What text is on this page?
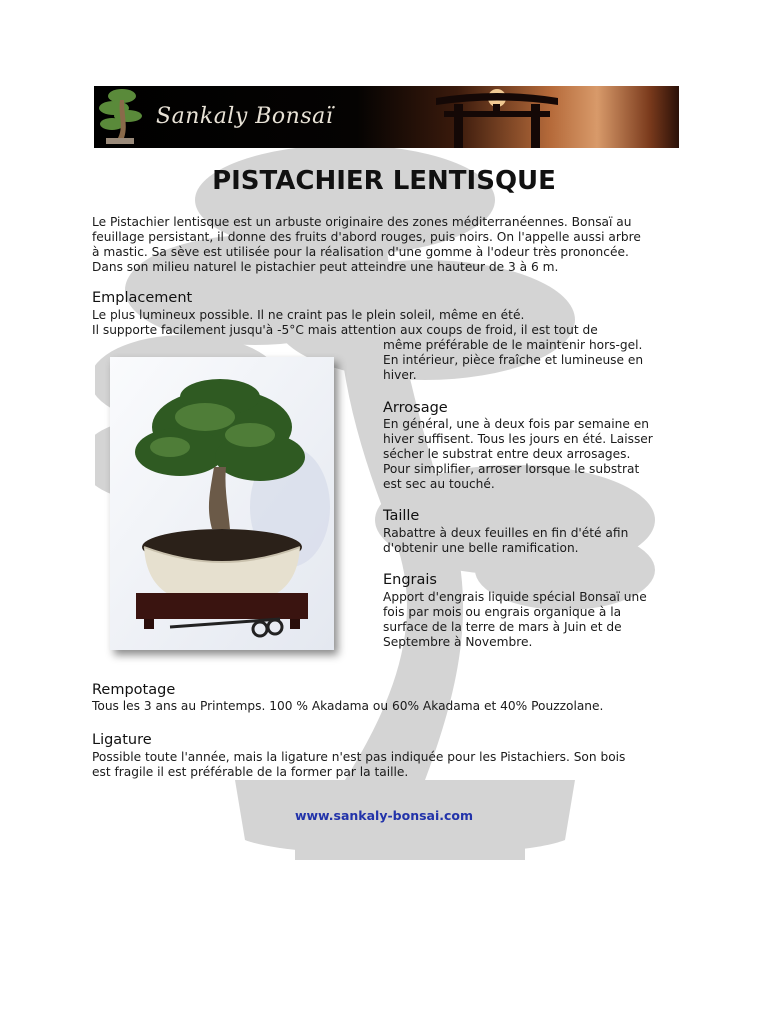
Sankaly Bonsaï
PISTACHIER LENTISQUE

Le Pistachier lentisque est un arbuste originaire des zones méditerranéennes. Bonsaï au

feuillage persistant, il donne des fruits d'abord rouges, puis noirs. On l'appelle aussi arbre

à mastic. Sa sève est utilisée pour la réalisation d'une gomme à l'odeur très prononcée.

Dans son milieu naturel le pistachier peut atteindre une hauteur de 3 à 6 m.

Emplacement

Le plus lumineux possible. Il ne craint pas le plein soleil, même en été.

Il supporte facilement jusqu'à -5°C mais attention aux coups de froid, il est tout de

même préférable de le maintenir hors-gel.

En intérieur, pièce fraîche et lumineuse en

hiver.

Arrosage

En général, une à deux fois par semaine en

hiver suffisent. Tous les jours en été. Laisser

sécher le substrat entre deux arrosages.

Pour simplifier, arroser lorsque le substrat

est sec au touché.

Taille

Rabattre à deux feuilles en fin d'été afin

d'obtenir une belle ramification.

Engrais

Apport d'engrais liquide spécial Bonsaï une

fois par mois ou engrais organique à la

surface de la terre de mars à Juin et de

Septembre à Novembre.

Rempotage

Tous les 3 ans au Printemps. 100 % Akadama ou 60% Akadama et 40% Pouzzolane.

Ligature

Possible toute l'année, mais la ligature n'est pas indiquée pour les Pistachiers. Son bois

est fragile il est préférable de la former par la taille.

www.sankaly-bonsai.com
